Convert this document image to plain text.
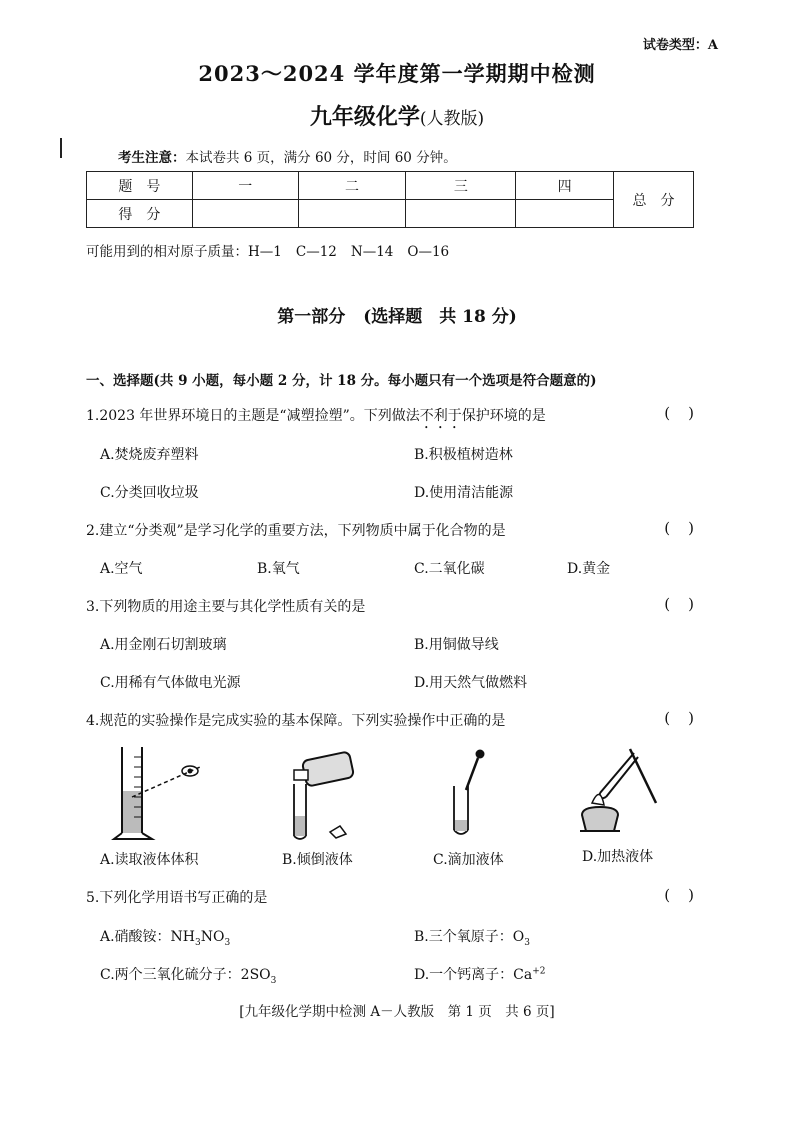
试卷类型：A
2023～2024 学年度第一学期期中检测
九年级化学(人教版)
考生注意：本试卷共 6 页，满分 60 分，时间 60 分钟。
题　号	一	二	三	四	总　分
得　分					
可能用到的相对原子质量：H—1 C—12 N—14 O—16
第一部分 (选择题　共 18 分)
一、选择题(共 9 小题，每小题 2 分，计 18 分。每小题只有一个选项是符合题意的)
1.2023 年世界环境日的主题是“减塑捡塑”。下列做法不利于保护环境的是	()
A.焚烧废弃塑料	B.积极植树造林
C.分类回收垃圾	D.使用清洁能源
2.建立“分类观”是学习化学的重要方法，下列物质中属于化合物的是	()
A.空气	B.氧气	C.二氧化碳	D.黄金
3.下列物质的用途主要与其化学性质有关的是	()
A.用金刚石切割玻璃	B.用铜做导线
C.用稀有气体做电光源	D.用天然气做燃料
4.规范的实验操作是完成实验的基本保障。下列实验操作中正确的是	()
A.读取液体体积	B.倾倒液体	C.滴加液体	D.加热液体
5.下列化学用语书写正确的是	()
A.硝酸铵：$NH_3NO_3$	B.三个氧原子：$O_3$
C.两个三氧化硫分子：$2SO_3$	D.一个钙离子：$Ca^{+2}$
[九年级化学期中检测 A－人教版　第 1 页　共 6 页]
